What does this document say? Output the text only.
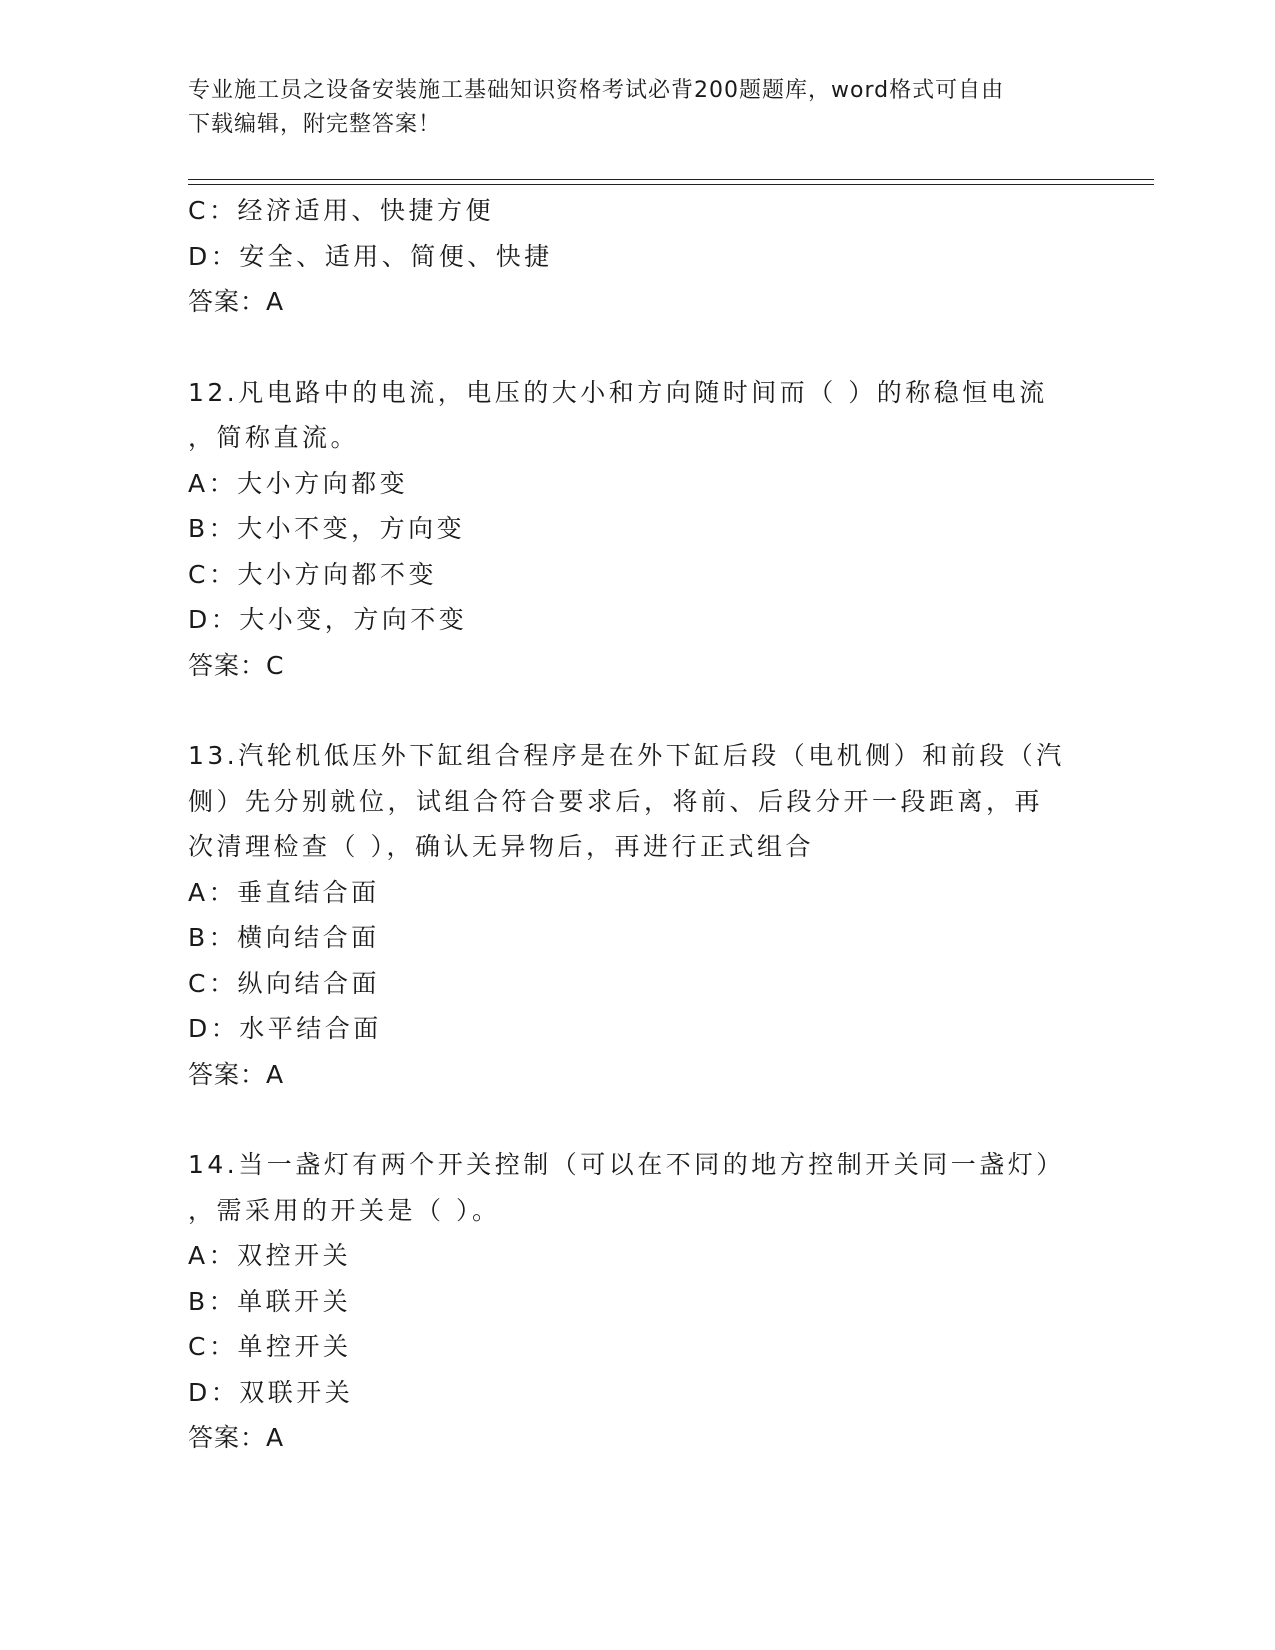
专业施工员之设备安装施工基础知识资格考试必背200题题库，word格式可自由
下载编辑，附完整答案！
C：经济适用、快捷方便
D：安全、适用、简便、快捷
答案：A
12.凡电路中的电流，电压的大小和方向随时间而（ ）的称稳恒电流
，简称直流。
A：大小方向都变
B：大小不变，方向变
C：大小方向都不变
D：大小变，方向不变
答案：C
13.汽轮机低压外下缸组合程序是在外下缸后段（电机侧）和前段（汽
侧）先分别就位，试组合符合要求后，将前、后段分开一段距离，再
次清理检查（ ），确认无异物后，再进行正式组合
A：垂直结合面
B：横向结合面
C：纵向结合面
D：水平结合面
答案：A
14.当一盏灯有两个开关控制（可以在不同的地方控制开关同一盏灯）
，需采用的开关是（ ）。
A：双控开关
B：单联开关
C：单控开关
D：双联开关
答案：A
